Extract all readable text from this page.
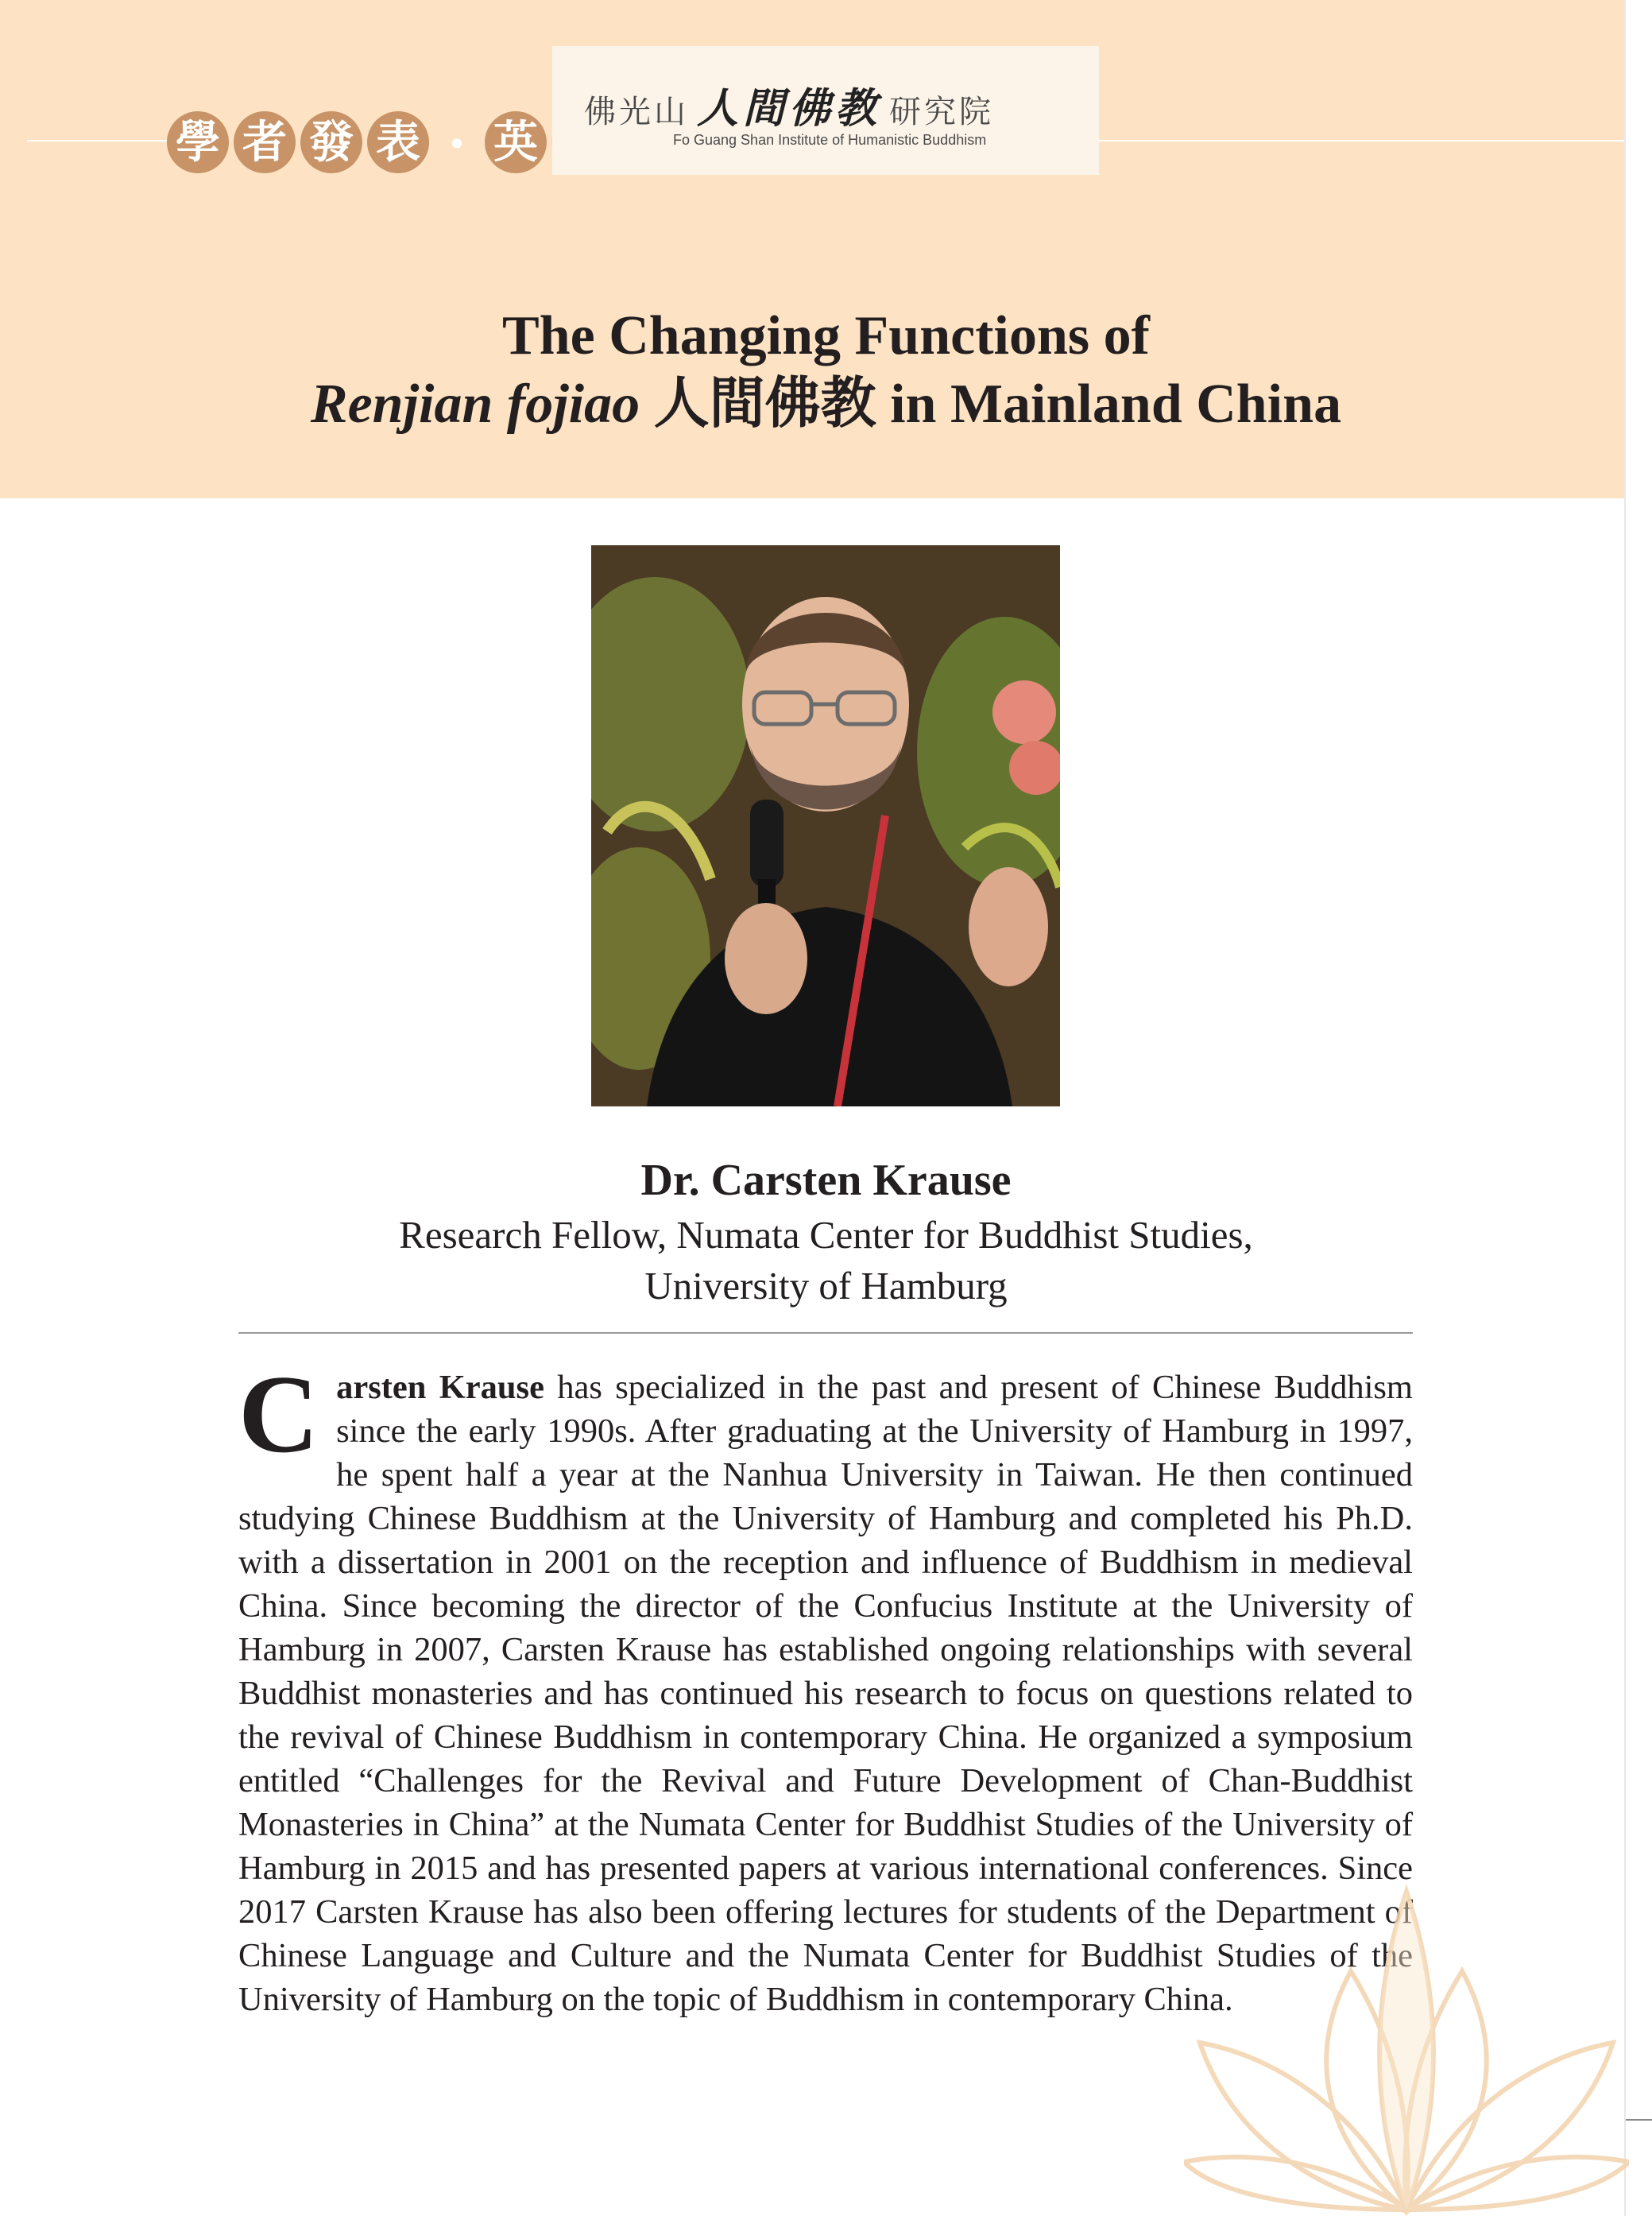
學 者 發 表 ・ 英
佛光山 人間佛教 研究院
Fo Guang Shan Institute of Humanistic Buddhism
The Changing Functions of
Renjian fojiao 人間佛教 in Mainland China
Dr. Carsten Krause
Research Fellow, Numata Center for Buddhist Studies,
University of Hamburg

Carsten Krause has specialized in the past and present of Chinese Buddhism since the early 1990s. After graduating at the University of Hamburg in 1997, he spent half a year at the Nanhua University in Taiwan. He then continued studying Chinese Buddhism at the University of Hamburg and completed his Ph.D. with a dissertation in 2001 on the reception and influence of Buddhism in medieval China. Since becoming the director of the Confucius Institute at the University of Hamburg in 2007, Carsten Krause has established ongoing relationships with several Buddhist monasteries and has continued his research to focus on questions related to the revival of Chinese Buddhism in contemporary China. He organized a symposium entitled “Challenges for the Revival and Future Development of Chan-Buddhist Monasteries in China” at the Numata Center for Buddhist Studies of the University of Hamburg in 2015 and has presented papers at various international conferences. Since 2017 Carsten Krause has also been offering lectures for students of the Department of Chinese Language and Culture and the Numata Center for Buddhist Studies of the University of Hamburg on the topic of Buddhism in contemporary China.
